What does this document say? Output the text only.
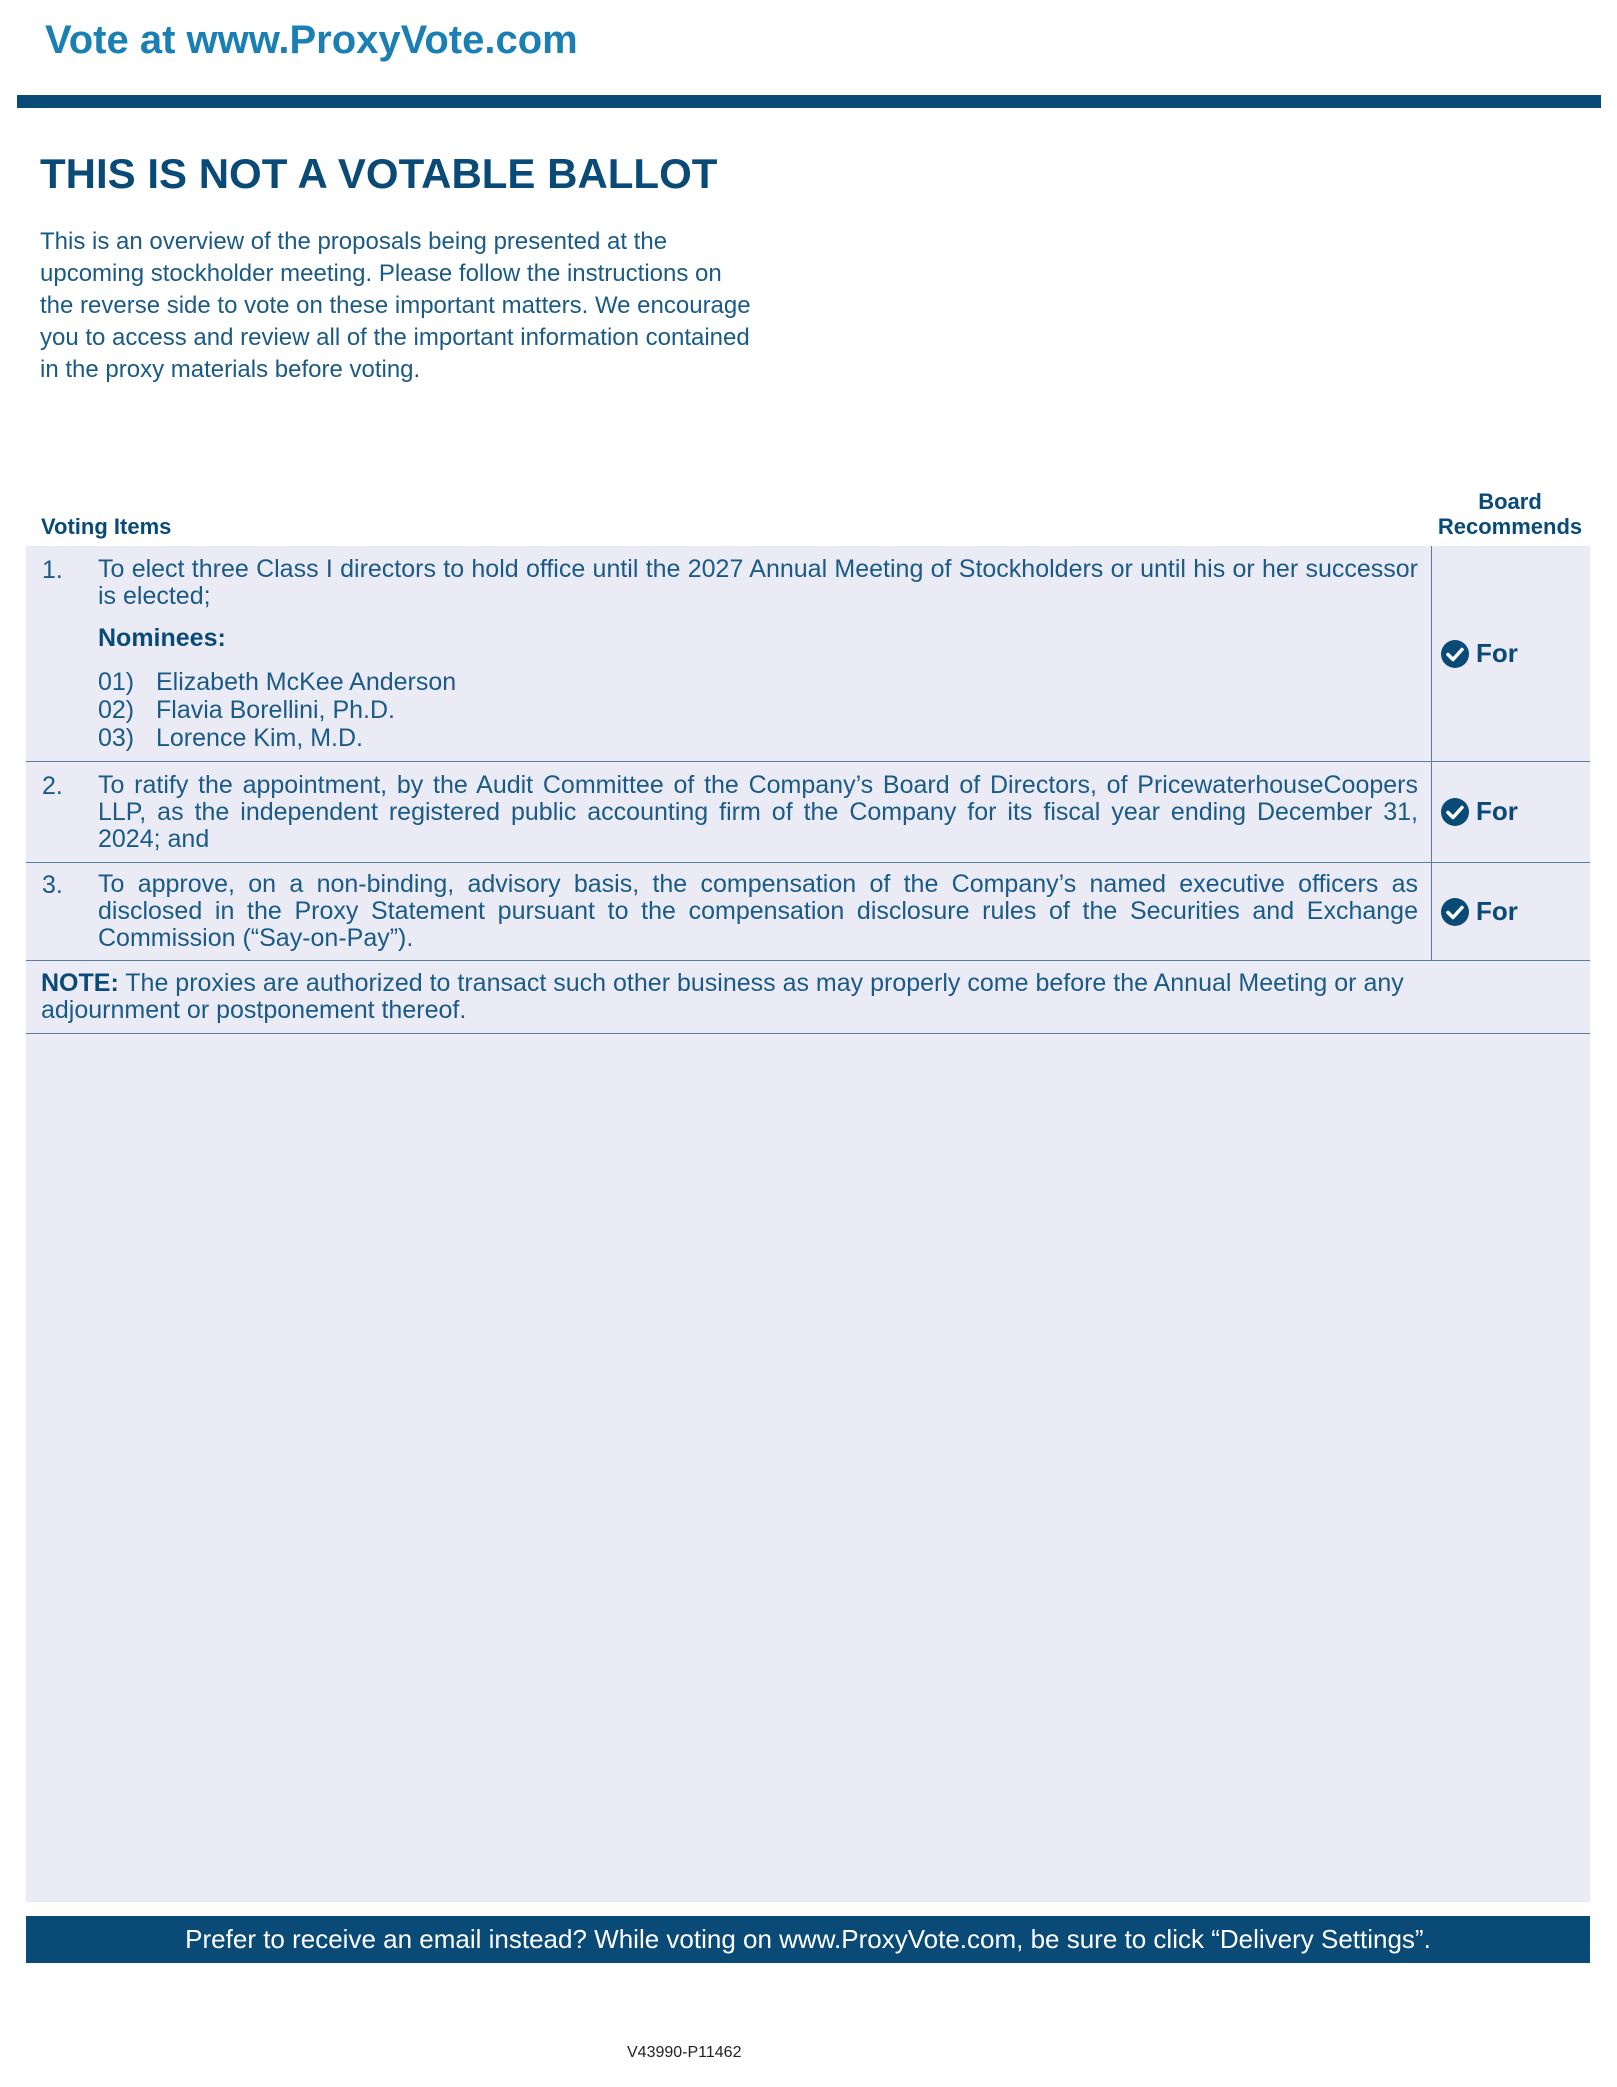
Vote at www.ProxyVote.com
THIS IS NOT A VOTABLE BALLOT
This is an overview of the proposals being presented at the upcoming stockholder meeting. Please follow the instructions on the reverse side to vote on these important matters. We encourage you to access and review all of the important information contained in the proxy materials before voting.
Voting Items
Board Recommends
1. To elect three Class I directors to hold office until the 2027 Annual Meeting of Stockholders or until his or her successor is elected;
Nominees:
01) Elizabeth McKee Anderson
02) Flavia Borellini, Ph.D.
03) Lorence Kim, M.D.
For
2. To ratify the appointment, by the Audit Committee of the Company’s Board of Directors, of PricewaterhouseCoopers LLP, as the independent registered public accounting firm of the Company for its fiscal year ending December 31, 2024; and
For
3. To approve, on a non-binding, advisory basis, the compensation of the Company’s named executive officers as disclosed in the Proxy Statement pursuant to the compensation disclosure rules of the Securities and Exchange Commission (“Say-on-Pay”).
For
NOTE: The proxies are authorized to transact such other business as may properly come before the Annual Meeting or any adjournment or postponement thereof.
Prefer to receive an email instead? While voting on www.ProxyVote.com, be sure to click “Delivery Settings”.
V43990-P11462
